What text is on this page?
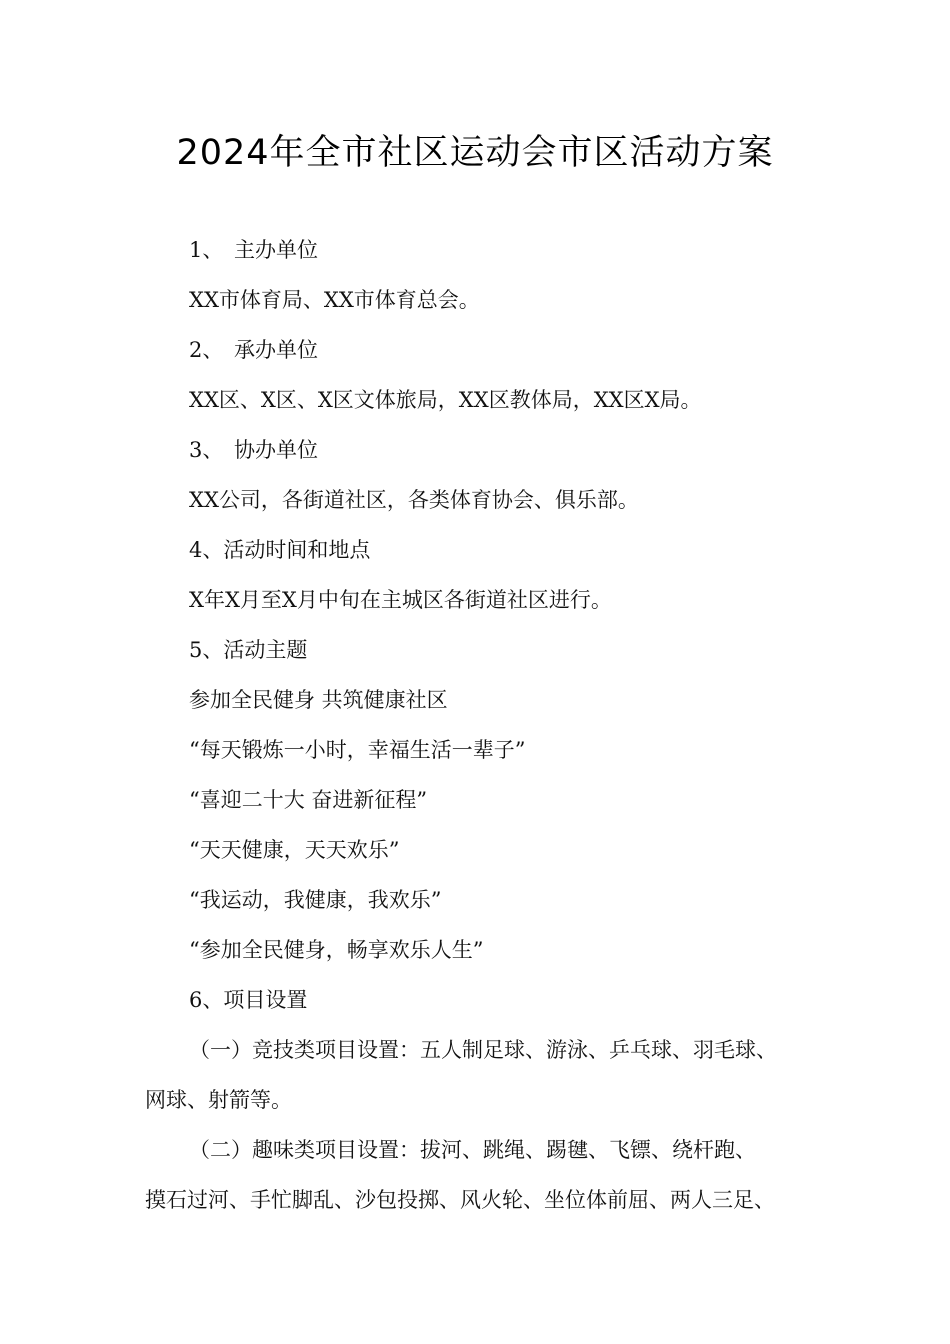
2024年全市社区运动会市区活动方案
1、 主办单位
XX市体育局、XX市体育总会。
2、 承办单位
XX区、X区、X区文体旅局，XX区教体局，XX区X局。
3、 协办单位
XX公司，各街道社区，各类体育协会、俱乐部。
4、活动时间和地点
X年X月至X月中旬在主城区各街道社区进行。
5、活动主题
参加全民健身 共筑健康社区
“每天锻炼一小时，幸福生活一辈子”
“喜迎二十大 奋进新征程”
“天天健康，天天欢乐”
“我运动，我健康，我欢乐”
“参加全民健身，畅享欢乐人生”
6、项目设置
（一）竞技类项目设置：五人制足球、游泳、乒乓球、羽毛球、
网球、射箭等。
（二）趣味类项目设置：拔河、跳绳、踢毽、飞镖、绕杆跑、
摸石过河、手忙脚乱、沙包投掷、风火轮、坐位体前屈、两人三足、
